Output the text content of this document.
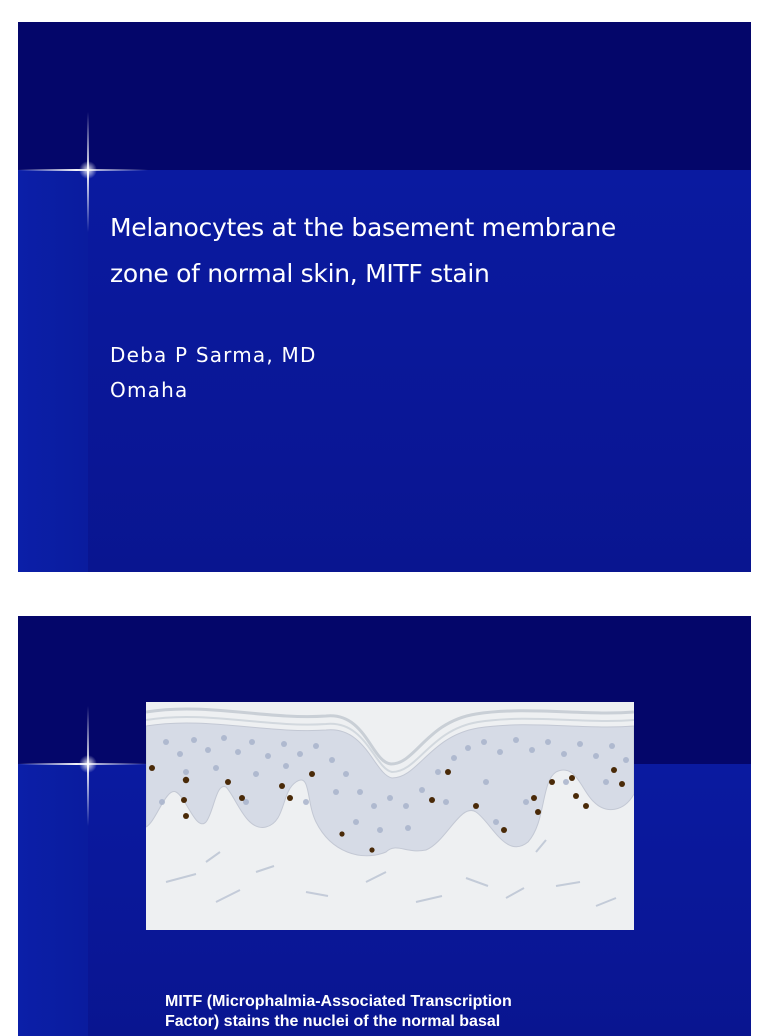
Melanocytes at the basement membrane
zone of normal skin, MITF stain
Deba P Sarma, MD
Omaha
MITF (Microphalmia-Associated Transcription
Factor) stains the nuclei of the normal basal
